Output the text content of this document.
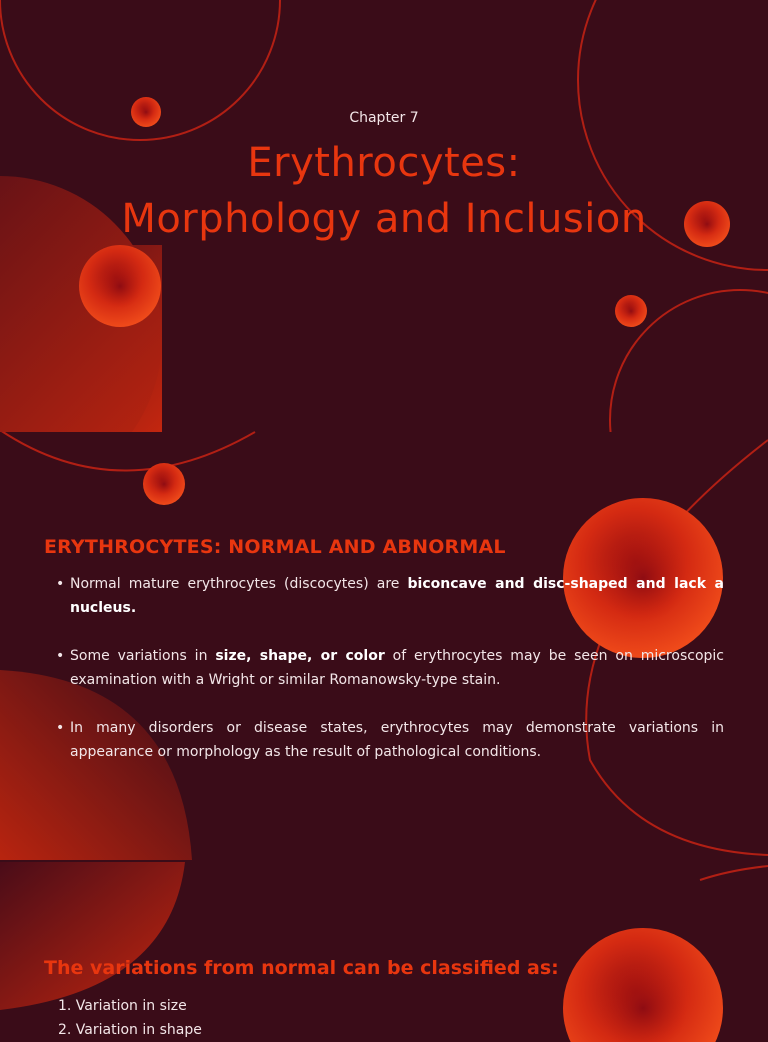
Chapter 7
Erythrocytes:
Morphology and Inclusion
ERYTHROCYTES: NORMAL AND ABNORMAL
• Normal mature erythrocytes (discocytes) are biconcave and disc-shaped and lack a nucleus.
• Some variations in size, shape, or color of erythrocytes may be seen on microscopic examination with a Wright or similar Romanowsky-type stain.
• In many disorders or disease states, erythrocytes may demonstrate variations in appearance or morphology as the result of pathological conditions.
The variations from normal can be classified as:
1. Variation in size
2. Variation in shape
